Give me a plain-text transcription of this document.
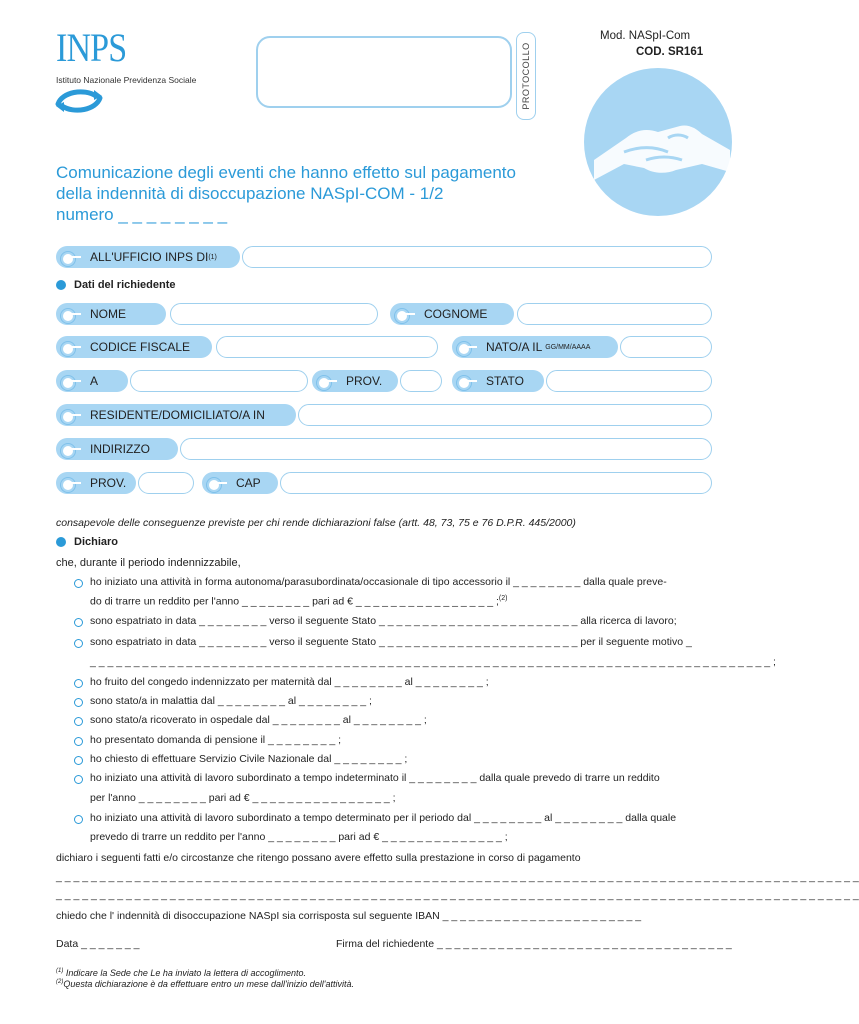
INPS
Istituto Nazionale Previdenza Sociale	PROTOCOLLO
Mod. NASpI-Com
COD. SR161
Comunicazione degli eventi che hanno effetto sul pagamento
della indennità di disoccupazione NASpI-COM - 1/2
numero _ _ _ _ _ _ _ _
ALL'UFFICIO INPS DI (1)
Dati del richiedente
NOME	COGNOME
CODICE FISCALE	NATO/A IL GG/MM/AAAA
A	PROV.	STATO
RESIDENTE/DOMICILIATO/A IN
INDIRIZZO
PROV.	CAP
consapevole delle conseguenze previste per chi rende dichiarazioni false (artt. 48, 73, 75 e 76 D.P.R. 445/2000)
Dichiaro
che, durante il periodo indennizzabile,
ho iniziato una attività in forma autonoma/parasubordinata/occasionale di tipo accessorio il _ _ _ _ _ _ _ _ dalla quale preve-
do di trarre un reddito per l'anno _ _ _ _ _ _ _ _ pari ad € _ _ _ _ _ _ _ _ _ _ _ _ _ _ _ _ ;$^{(2)}$
sono espatriato in data _ _ _ _ _ _ _ _ verso il seguente Stato _ _ _ _ _ _ _ _ _ _ _ _ _ _ _ _ _ _ _ _ _ _ _ alla ricerca di lavoro;
sono espatriato in data _ _ _ _ _ _ _ _ verso il seguente Stato _ _ _ _ _ _ _ _ _ _ _ _ _ _ _ _ _ _ _ _ _ _ _ per il seguente motivo _
_ _ _ _ _ _ _ _ _ _ _ _ _ _ _ _ _ _ _ _ _ _ _ _ _ _ _ _ _ _ _ _ _ _ _ _ _ _ _ _ _ _ _ _ _ _ _ _ _ _ _ _ _ _ _ _ _ _ _ _ _ _ _ _ _ _ _ _ _ _ _ _ _ _ _ _ _ _ ;
ho fruito del congedo indennizzato per maternità dal _ _ _ _ _ _ _ _ al _ _ _ _ _ _ _ _ ;
sono stato/a in malattia dal _ _ _ _ _ _ _ _ al _ _ _ _ _ _ _ _ ;
sono stato/a ricoverato in ospedale dal _ _ _ _ _ _ _ _ al _ _ _ _ _ _ _ _ ;
ho presentato domanda di pensione il _ _ _ _ _ _ _ _ ;
ho chiesto di effettuare Servizio Civile Nazionale dal _ _ _ _ _ _ _ _ ;
ho iniziato una attività di lavoro subordinato a tempo indeterminato il _ _ _ _ _ _ _ _ dalla quale prevedo di trarre un reddito
per l'anno _ _ _ _ _ _ _ _ pari ad € _ _ _ _ _ _ _ _ _ _ _ _ _ _ _ _ ;
ho iniziato una attività di lavoro subordinato a tempo determinato per il periodo dal _ _ _ _ _ _ _ _ al _ _ _ _ _ _ _ _ dalla quale
prevedo di trarre un reddito per l'anno _ _ _ _ _ _ _ _ pari ad € _ _ _ _ _ _ _ _ _ _ _ _ _ _ ;
dichiaro i seguenti fatti e/o circostanze che ritengo possano avere effetto sulla prestazione in corso di pagamento
_ _ _ _ _ _ _ _ _ _ _ _ _ _ _ _ _ _ _ _ _ _ _ _ _ _ _ _ _ _ _ _ _ _ _ _ _ _ _ _ _ _ _ _ _ _ _ _ _ _ _ _ _ _ _ _ _ _ _ _ _ _ _ _ _ _ _ _ _ _ _ _ _ _ _ _ _ _ _ _ _ _ _ _ _ _ _ _ _ _ _ _
_ _ _ _ _ _ _ _ _ _ _ _ _ _ _ _ _ _ _ _ _ _ _ _ _ _ _ _ _ _ _ _ _ _ _ _ _ _ _ _ _ _ _ _ _ _ _ _ _ _ _ _ _ _ _ _ _ _ _ _ _ _ _ _ _ _ _ _ _ _ _ _ _ _ _ _ _ _ _ _ _ _ _ _ _ _ _ _ _ _ _ _
chiedo che l' indennità di disoccupazione NASpI sia corrisposta sul seguente IBAN _ _ _ _ _ _ _ _ _ _ _ _ _ _ _ _ _ _ _ _ _ _ _
Data _ _ _ _ _ _ _	Firma del richiedente _ _ _ _ _ _ _ _ _ _ _ _ _ _ _ _ _ _ _ _ _ _ _ _ _ _ _ _ _ _ _ _ _ _
$^{(1)}$ Indicare la Sede che Le ha inviato la lettera di accoglimento.
$^{(2)}$Questa dichiarazione è da effettuare entro un mese dall'inizio dell'attività.
